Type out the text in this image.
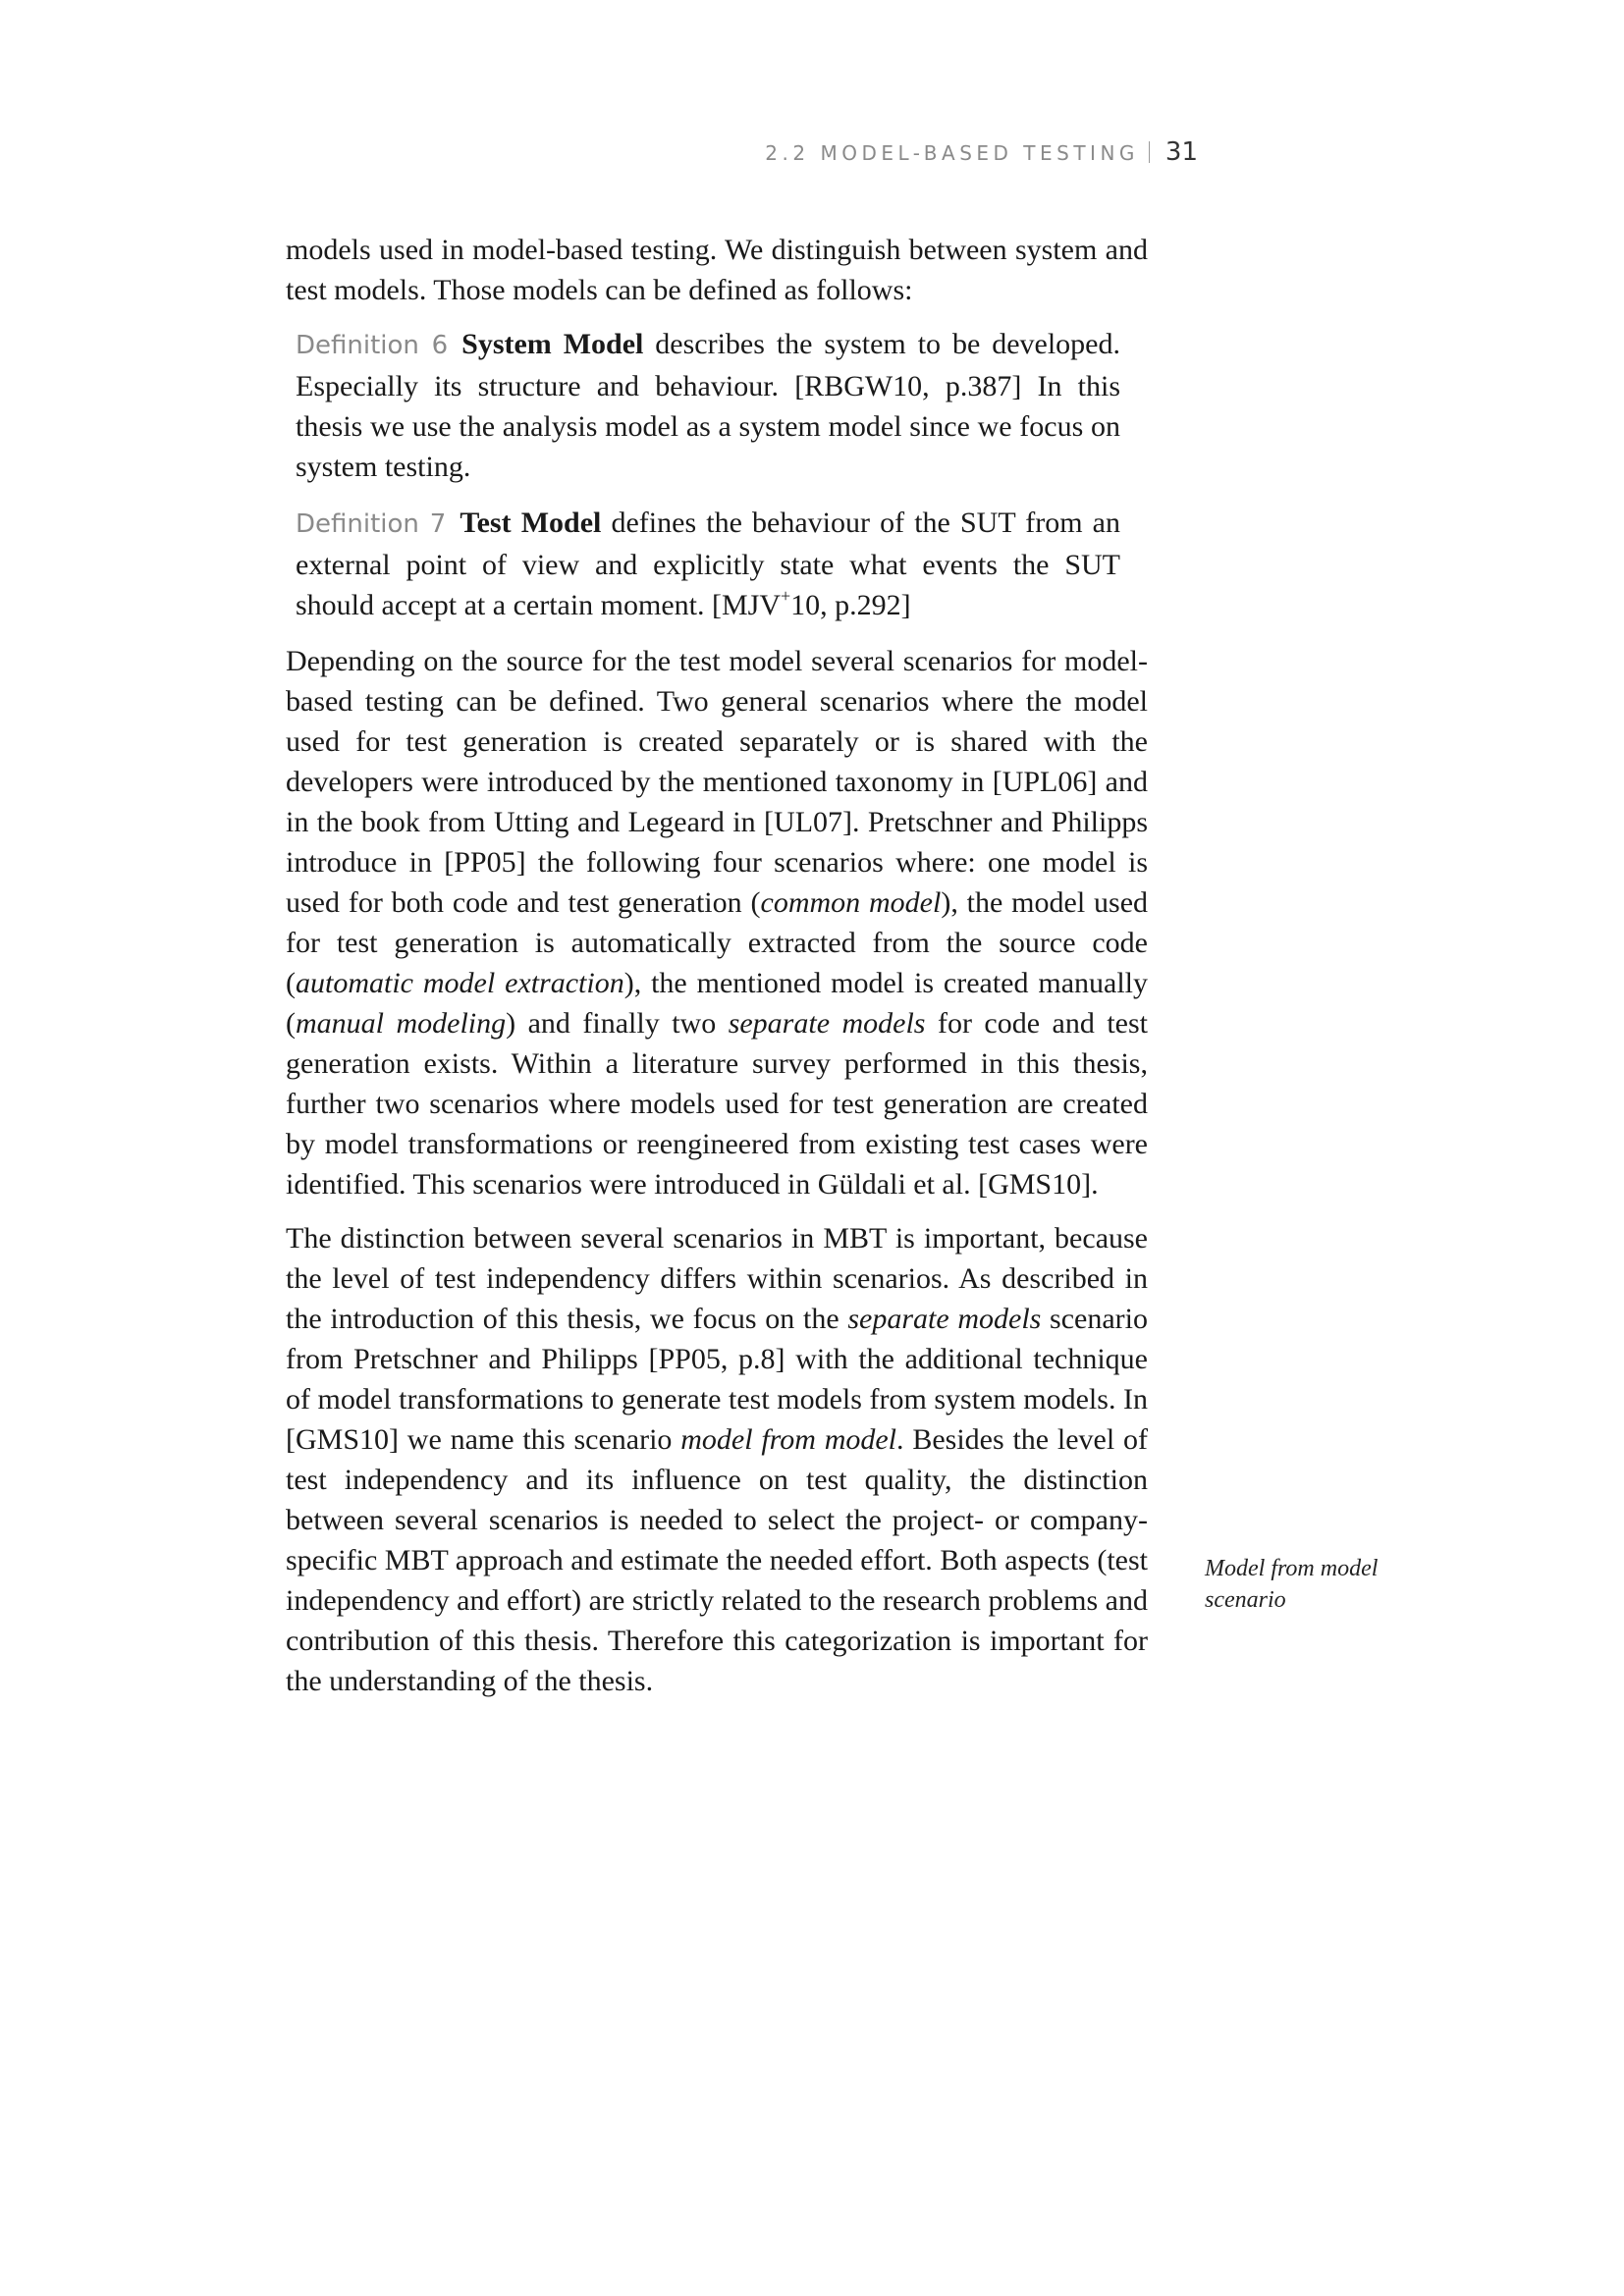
2.2 MODEL-BASED TESTING 31

models used in model-based testing. We distinguish between system and test models. Those models can be defined as follows:

Definition 6 System Model describes the system to be developed. Especially its structure and behaviour. [RBGW10, p.387] In this thesis we use the analysis model as a system model since we focus on system testing.
Definition 7 Test Model defines the behaviour of the SUT from an external point of view and explicitly state what events the SUT should accept at a certain moment. [MJV+10, p.292]

Depending on the source for the test model several scenarios for model-based testing can be defined. Two general scenarios where the model used for test generation is created separately or is shared with the developers were introduced by the mentioned taxonomy in [UPL06] and in the book from Utting and Legeard in [UL07]. Pretschner and Philipps introduce in [PP05] the following four scenarios where: one model is used for both code and test generation (common model), the model used for test generation is automatically extracted from the source code (automatic model extraction), the mentioned model is created manually (manual modeling) and finally two separate models for code and test generation exists. Within a literature survey performed in this thesis, further two scenarios where models used for test generation are created by model transformations or reengineered from existing test cases were identified. This scenarios were introduced in Güldali et al. [GMS10].

The distinction between several scenarios in MBT is important, because the level of test independency differs within scenarios. As described in the introduction of this thesis, we focus on the separate models scenario from Pretschner and Philipps [PP05, p.8] with the additional technique of model transformations to generate test models from system models. In [GMS10] we name this scenario model from model. Besides the level of test independency and its influence on test quality, the distinction between several scenarios is needed to select the project- or company-specific MBT approach and estimate the needed effort. Both aspects (test independency and effort) are strictly related to the research problems and contribution of this thesis. Therefore this categorization is important for the understanding of the thesis.

Model from model scenario
